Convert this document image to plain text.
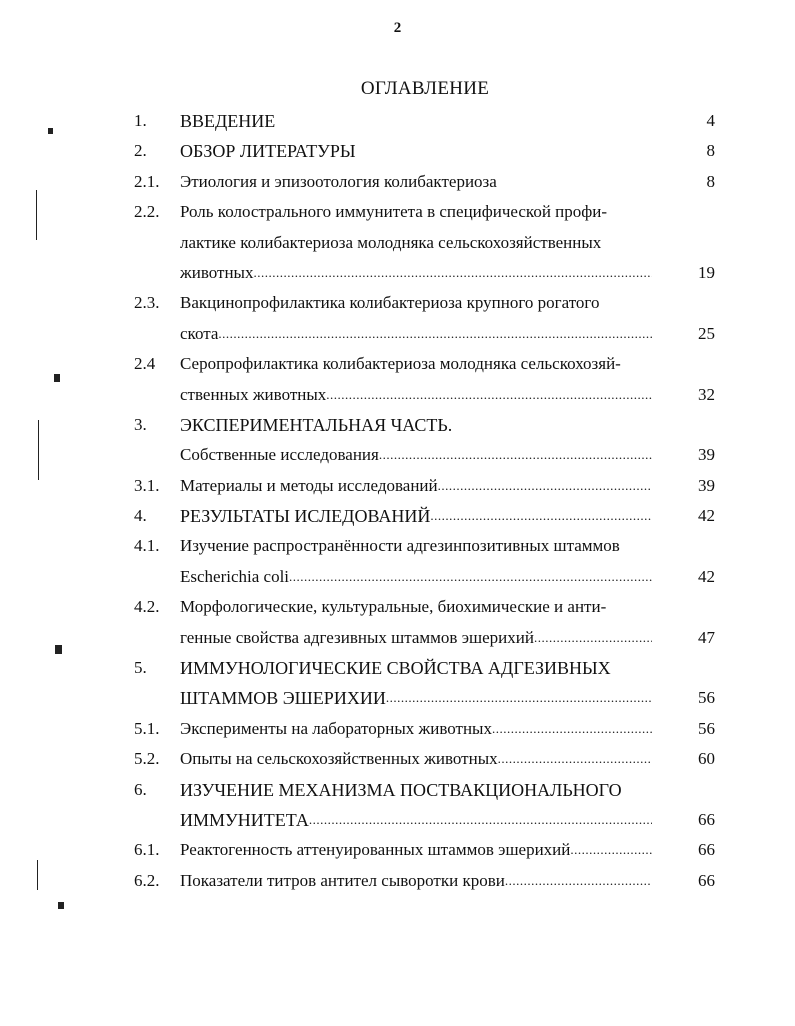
2
ОГЛАВЛЕНИЕ
1.	ВВЕДЕНИЕ	4
2.	ОБЗОР ЛИТЕРАТУРЫ	8
2.1.	Этиология и эпизоотология колибактериоза	8
2.2.	Роль колострального иммунитета в специфической профи-
лактике колибактериоза молодняка сельскохозяйственных
животных .....	19
2.3.	Вакцинопрофилактика колибактериоза крупного рогатого
скота .....	25
2.4	Серопрофилактика колибактериоза молодняка сельскохозяй-
ственных животных .....	32
3.	ЭКСПЕРИМЕНТАЛЬНАЯ ЧАСТЬ.
Собственные исследования .....	39
3.1.	Материалы и методы исследований .....	39
4.	РЕЗУЛЬТАТЫ ИСЛЕДОВАНИЙ .....	42
4.1.	Изучение распространённости адгезинпозитивных штаммов
Escherichia coli .....	42
4.2.	Морфологические, культуральные, биохимические и анти-
генные свойства адгезивных штаммов эшерихий .....	47
5.	ИММУНОЛОГИЧЕСКИЕ СВОЙСТВА АДГЕЗИВНЫХ
ШТАММОВ ЭШЕРИХИИ .....	56
5.1.	Эксперименты на лабораторных животных .....	56
5.2.	Опыты на сельскохозяйственных животных .....	60
6.	ИЗУЧЕНИЕ МЕХАНИЗМА ПОСТВАКЦИОНАЛЬНОГО
ИММУНИТЕТА .....	66
6.1.	Реактогенность аттенуированных штаммов эшерихий .....	66
6.2.	Показатели титров антител сыворотки крови .....	66
